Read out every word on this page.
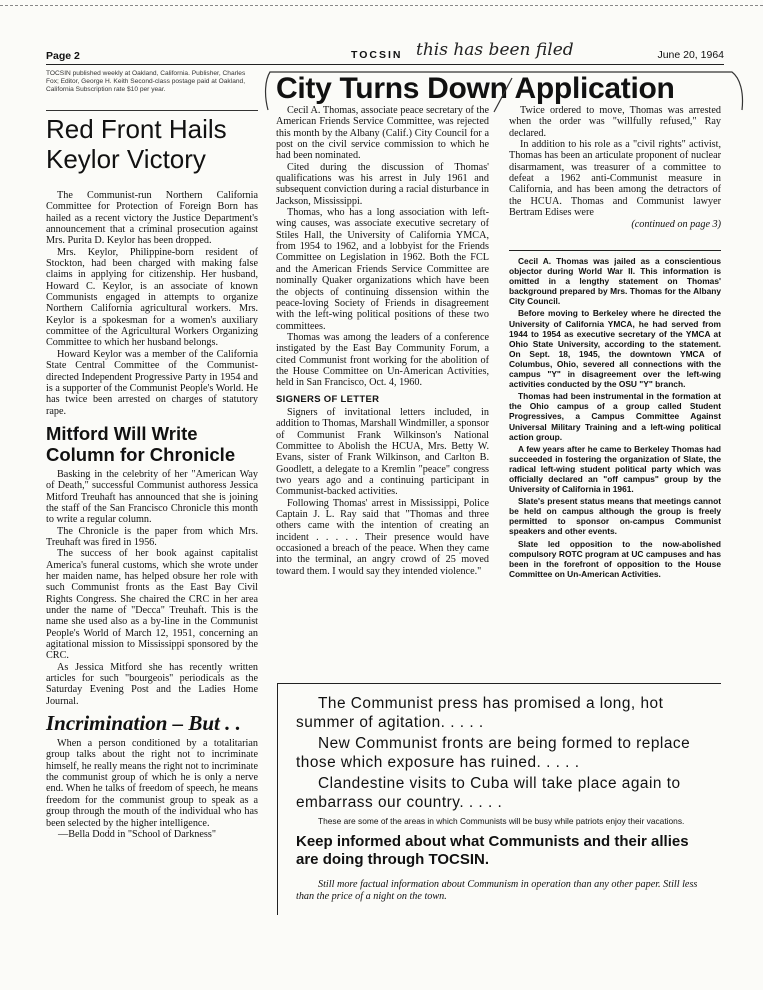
Page 2	TOCSIN this has been filed	June 20, 1964
TOCSIN published weekly at Oakland, California. Publisher, Charles Fox; Editor, George H. Keith Second-class postage paid at Oakland, California Subscription rate $10 per year.
Red Front Hails Keylor Victory

The Communist-run Northern California Committee for Protection of Foreign Born has hailed as a recent victory the Justice Department's announcement that a criminal prosecution against Mrs. Purita D. Keylor has been dropped.

Mrs. Keylor, Philippine-born resident of Stockton, had been charged with making false claims in applying for citizenship. Her husband, Howard C. Keylor, is an associate of known Communists engaged in attempts to organize Northern California agricultural workers. Mrs. Keylor is a spokesman for a women's auxiliary committee of the Agricultural Workers Organizing Committee to which her husband belongs.

Howard Keylor was a member of the California State Central Committee of the Communist-directed Independent Progressive Party in 1954 and is a supporter of the Communist People's World. He has twice been arrested on charges of statutory rape.

Mitford Will Write Column for Chronicle

Basking in the celebrity of her "American Way of Death," successful Communist authoress Jessica Mitford Treuhaft has announced that she is joining the staff of the San Francisco Chronicle this month to write a regular column.

The Chronicle is the paper from which Mrs. Treuhaft was fired in 1956.

The success of her book against capitalist America's funeral customs, which she wrote under her maiden name, has helped obsure her role with such Communist fronts as the East Bay Civil Rights Congress. She chaired the CRC in her area under the name of "Decca" Treuhaft. This is the name she used also as a by-line in the Communist People's World of March 12, 1951, concerning an agitational mission to Mississippi sponsored by the CRC.

As Jessica Mitford she has recently written articles for such "bourgeois" periodicals as the Saturday Evening Post and the Ladies Home Journal.

Incrimination – But . .

When a person conditioned by a totalitarian group talks about the right not to incriminate himself, he really means the right not to incriminate the communist group of which he is only a nerve end. When he talks of freedom of speech, he means freedom for the communist group to speak as a group through the mouth of the individual who has been selected by the higher intelligence.

—Bella Dodd in "School of Darkness"

City Turns Down Application

Cecil A. Thomas, associate peace secretary of the American Friends Service Committee, was rejected this month by the Albany (Calif.) City Council for a post on the civil service commission to which he had been nominated.

Cited during the discussion of Thomas' qualifications was his arrest in July 1961 and subsequent conviction during a racial disturbance in Jackson, Mississippi.

Thomas, who has a long association with left-wing causes, was associate executive secretary of Stiles Hall, the University of California YMCA, from 1954 to 1962, and a lobbyist for the Friends Committee on Legislation in 1962. Both the FCL and the American Friends Service Committee are nominally Quaker organizations which have been the objects of continuing dissension within the peace-loving Society of Friends in disagreement with the left-wing political positions of these two committees.

Thomas was among the leaders of a conference instigated by the East Bay Community Forum, a cited Communist front working for the abolition of the House Committee on Un-American Activities, held in San Francisco, Oct. 4, 1960.

SIGNERS OF LETTER

Signers of invitational letters included, in addition to Thomas, Marshall Windmiller, a sponsor of Communist Frank Wilkinson's National Committee to Abolish the HCUA, Mrs. Betty W. Evans, sister of Frank Wilkinson, and Carlton B. Goodlett, a delegate to a Kremlin "peace" congress two years ago and a continuing participant in Communist-backed activities.

Following Thomas' arrest in Mississippi, Police Captain J. L. Ray said that "Thomas and three others came with the intention of creating an incident . . . . . Their presence would have occasioned a breach of the peace. When they came into the terminal, an angry crowd of 25 moved toward them. I would say they intended violence."

Twice ordered to move, Thomas was arrested when the order was "willfully refused," Ray declared.

In addition to his role as a "civil rights" activist, Thomas has been an articulate proponent of nuclear disarmament, was treasurer of a committee to defeat a 1962 anti-Communist measure in California, and has been among the detractors of the HCUA. Thomas and Communist lawyer Bertram Edises were

(continued on page 3)

Cecil A. Thomas was jailed as a conscientious objector during World War II. This information is omitted in a lengthy statement on Thomas' background prepared by Mrs. Thomas for the Albany City Council.

Before moving to Berkeley where he directed the University of California YMCA, he had served from 1944 to 1954 as executive secretary of the YMCA at Ohio State University, according to the statement. On Sept. 18, 1945, the downtown YMCA of Columbus, Ohio, severed all connections with the campus "Y" in disagreement over the left-wing activities conducted by the OSU "Y" branch.

Thomas had been instrumental in the formation at the Ohio campus of a group called Student Progressives, a Campus Committee Against Universal Military Training and a left-wing political action group.

A few years after he came to Berkeley Thomas had succeeded in fostering the organization of Slate, the radical left-wing student political party which was officially declared an "off campus" group by the University of California in 1961.

Slate's present status means that meetings cannot be held on campus although the group is freely permitted to sponsor on-campus Communist speakers and other events.

Slate led opposition to the now-abolished compulsory ROTC program at UC campuses and has been in the forefront of opposition to the House Committee on Un-American Activities.

The Communist press has promised a long, hot summer of agitation. . . . .

New Communist fronts are being formed to replace those which exposure has ruined. . . . .

Clandestine visits to Cuba will take place again to embarrass our country. . . . .

These are some of the areas in which Communists will be busy while patriots enjoy their vacations.

Keep informed about what Communists and their allies are doing through TOCSIN.

Still more factual information about Communism in operation than any other paper. Still less than the price of a night on the town.
